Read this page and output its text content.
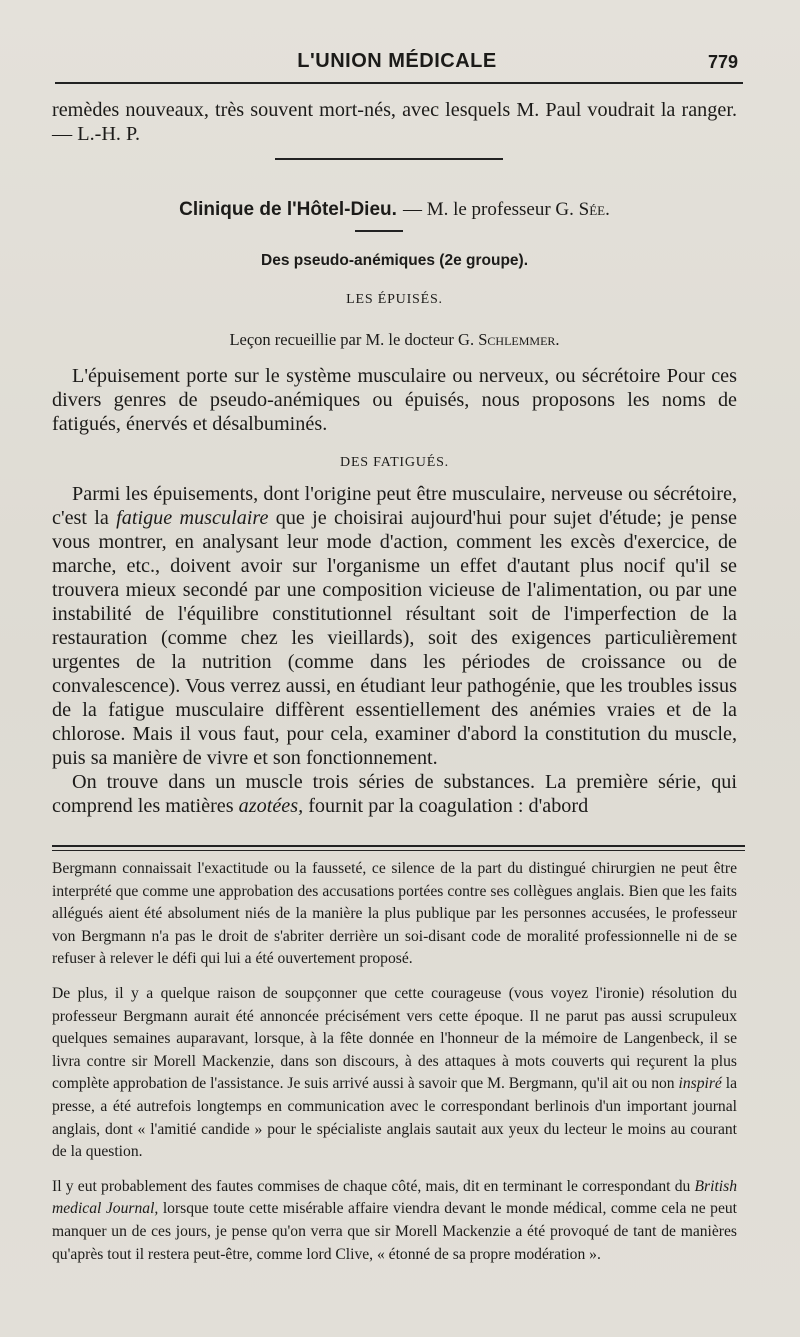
L'UNION MÉDICALE	779

remèdes nouveaux, très souvent mort-nés, avec lesquels M. Paul voudrait la ranger. — L.-H. P.

Clinique de l'Hôtel-Dieu. — M. le professeur G. Sée.
Des pseudo-anémiques (2e groupe).
LES ÉPUISÉS.
Leçon recueillie par M. le docteur G. Schlemmer.

L'épuisement porte sur le système musculaire ou nerveux, ou sécrétoire Pour ces divers genres de pseudo-anémiques ou épuisés, nous proposons les noms de fatigués, énervés et désalbuminés.

DES FATIGUÉS.

Parmi les épuisements, dont l'origine peut être musculaire, nerveuse ou sécrétoire, c'est la fatigue musculaire que je choisirai aujourd'hui pour sujet d'étude; je pense vous montrer, en analysant leur mode d'action, comment les excès d'exercice, de marche, etc., doivent avoir sur l'organisme un effet d'autant plus nocif qu'il se trouvera mieux secondé par une composition vicieuse de l'alimentation, ou par une instabilité de l'équilibre constitutionnel résultant soit de l'imperfection de la restauration (comme chez les vieillards), soit des exigences particulièrement urgentes de la nutrition (comme dans les périodes de croissance ou de convalescence). Vous verrez aussi, en étudiant leur pathogénie, que les troubles issus de la fatigue musculaire diffèrent essentiellement des anémies vraies et de la chlorose. Mais il vous faut, pour cela, examiner d'abord la constitution du muscle, puis sa manière de vivre et son fonctionnement.

On trouve dans un muscle trois séries de substances. La première série, qui comprend les matières azotées, fournit par la coagulation : d'abord

Bergmann connaissait l'exactitude ou la fausseté, ce silence de la part du distingué chirurgien ne peut être interprété que comme une approbation des accusations portées contre ses collègues anglais. Bien que les faits allégués aient été absolument niés de la manière la plus publique par les personnes accusées, le professeur von Bergmann n'a pas le droit de s'abriter derrière un soi-disant code de moralité professionnelle ni de se refuser à relever le défi qui lui a été ouvertement proposé.

De plus, il y a quelque raison de soupçonner que cette courageuse (vous voyez l'ironie) résolution du professeur Bergmann aurait été annoncée précisément vers cette époque. Il ne parut pas aussi scrupuleux quelques semaines auparavant, lorsque, à la fête donnée en l'honneur de la mémoire de Langenbeck, il se livra contre sir Morell Mackenzie, dans son discours, à des attaques à mots couverts qui reçurent la plus complète approbation de l'assistance. Je suis arrivé aussi à savoir que M. Bergmann, qu'il ait ou non inspiré la presse, a été autrefois longtemps en communication avec le correspondant berlinois d'un important journal anglais, dont « l'amitié candide » pour le spécialiste anglais sautait aux yeux du lecteur le moins au courant de la question.

Il y eut probablement des fautes commises de chaque côté, mais, dit en terminant le correspondant du British medical Journal, lorsque toute cette misérable affaire viendra devant le monde médical, comme cela ne peut manquer un de ces jours, je pense qu'on verra que sir Morell Mackenzie a été provoqué de tant de manières qu'après tout il restera peut-être, comme lord Clive, « étonné de sa propre modération ».
